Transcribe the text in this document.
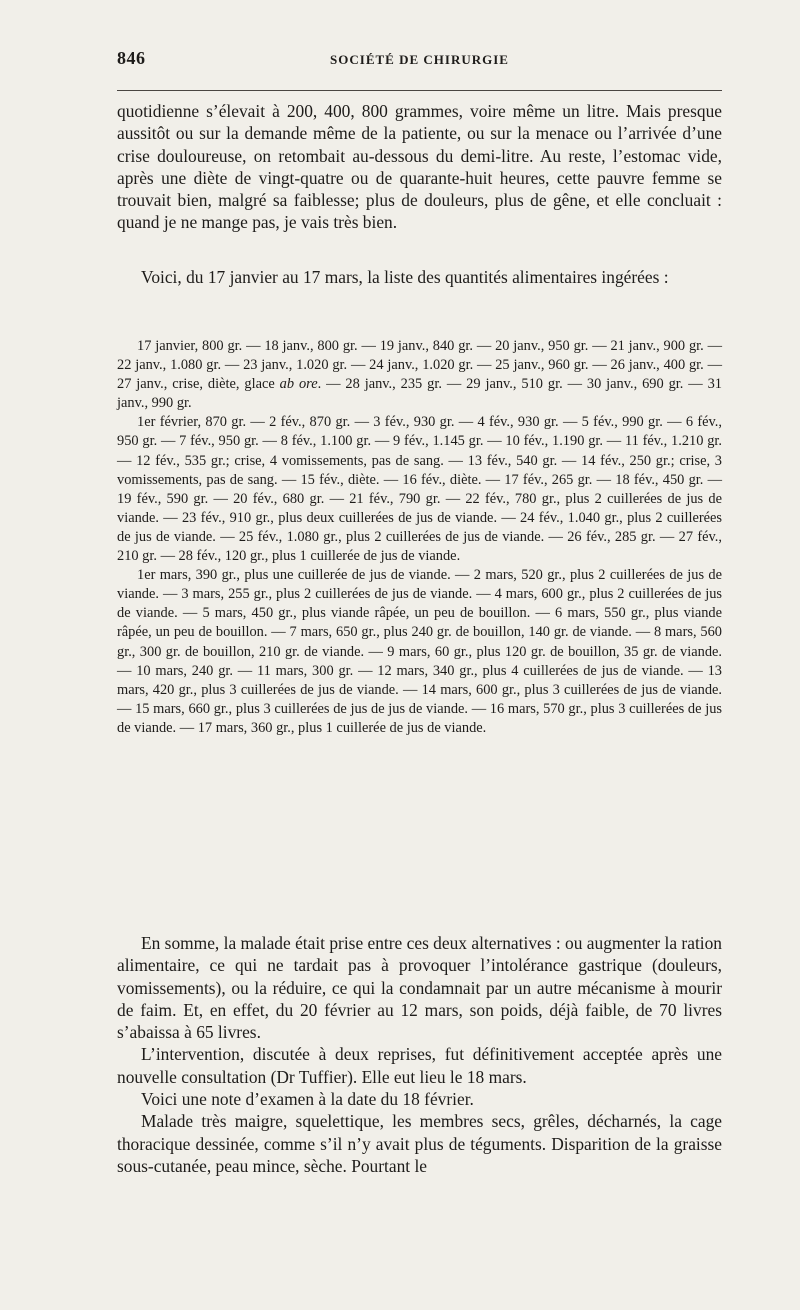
846	SOCIÉTÉ DE CHIRURGIE

quotidienne s’élevait à 200, 400, 800 grammes, voire même un litre. Mais presque aussitôt ou sur la demande même de la patiente, ou sur la menace ou l’arrivée d’une crise douloureuse, on retombait au-dessous du demi-litre. Au reste, l’estomac vide, après une diète de vingt-quatre ou de quarante-huit heures, cette pauvre femme se trouvait bien, malgré sa faiblesse; plus de douleurs, plus de gêne, et elle concluait : quand je ne mange pas, je vais très bien.

Voici, du 17 janvier au 17 mars, la liste des quantités alimentaires ingérées :

17 janvier, 800 gr. — 18 janv., 800 gr. — 19 janv., 840 gr. — 20 janv., 950 gr. — 21 janv., 900 gr. — 22 janv., 1.080 gr. — 23 janv., 1.020 gr. — 24 janv., 1.020 gr. — 25 janv., 960 gr. — 26 janv., 400 gr. — 27 janv., crise, diète, glace ab ore. — 28 janv., 235 gr. — 29 janv., 510 gr. — 30 janv., 690 gr. — 31 janv., 990 gr.

1er février, 870 gr. — 2 fév., 870 gr. — 3 fév., 930 gr. — 4 fév., 930 gr. — 5 fév., 990 gr. — 6 fév., 950 gr. — 7 fév., 950 gr. — 8 fév., 1.100 gr. — 9 fév., 1.145 gr. — 10 fév., 1.190 gr. — 11 fév., 1.210 gr. — 12 fév., 535 gr.; crise, 4 vomissements, pas de sang. — 13 fév., 540 gr. — 14 fév., 250 gr.; crise, 3 vomissements, pas de sang. — 15 fév., diète. — 16 fév., diète. — 17 fév., 265 gr. — 18 fév., 450 gr. — 19 fév., 590 gr. — 20 fév., 680 gr. — 21 fév., 790 gr. — 22 fév., 780 gr., plus 2 cuillerées de jus de viande. — 23 fév., 910 gr., plus deux cuillerées de jus de viande. — 24 fév., 1.040 gr., plus 2 cuillerées de jus de viande. — 25 fév., 1.080 gr., plus 2 cuillerées de jus de viande. — 26 fév., 285 gr. — 27 fév., 210 gr. — 28 fév., 120 gr., plus 1 cuillerée de jus de viande.

1er mars, 390 gr., plus une cuillerée de jus de viande. — 2 mars, 520 gr., plus 2 cuillerées de jus de viande. — 3 mars, 255 gr., plus 2 cuillerées de jus de viande. — 4 mars, 600 gr., plus 2 cuillerées de jus de viande. — 5 mars, 450 gr., plus viande râpée, un peu de bouillon. — 6 mars, 550 gr., plus viande râpée, un peu de bouillon. — 7 mars, 650 gr., plus 240 gr. de bouillon, 140 gr. de viande. — 8 mars, 560 gr., 300 gr. de bouillon, 210 gr. de viande. — 9 mars, 60 gr., plus 120 gr. de bouillon, 35 gr. de viande. — 10 mars, 240 gr. — 11 mars, 300 gr. — 12 mars, 340 gr., plus 4 cuillerées de jus de viande. — 13 mars, 420 gr., plus 3 cuillerées de jus de viande. — 14 mars, 600 gr., plus 3 cuillerées de jus de viande. — 15 mars, 660 gr., plus 3 cuillerées de jus de jus de viande. — 16 mars, 570 gr., plus 3 cuillerées de jus de viande. — 17 mars, 360 gr., plus 1 cuillerée de jus de viande.

En somme, la malade était prise entre ces deux alternatives : ou augmenter la ration alimentaire, ce qui ne tardait pas à provoquer l’intolérance gastrique (douleurs, vomissements), ou la réduire, ce qui la condamnait par un autre mécanisme à mourir de faim. Et, en effet, du 20 février au 12 mars, son poids, déjà faible, de 70 livres s’abaissa à 65 livres.

L’intervention, discutée à deux reprises, fut définitivement acceptée après une nouvelle consultation (Dr Tuffier). Elle eut lieu le 18 mars.

Voici une note d’examen à la date du 18 février.

Malade très maigre, squelettique, les membres secs, grêles, décharnés, la cage thoracique dessinée, comme s’il n’y avait plus de téguments. Disparition de la graisse sous-cutanée, peau mince, sèche. Pourtant le
